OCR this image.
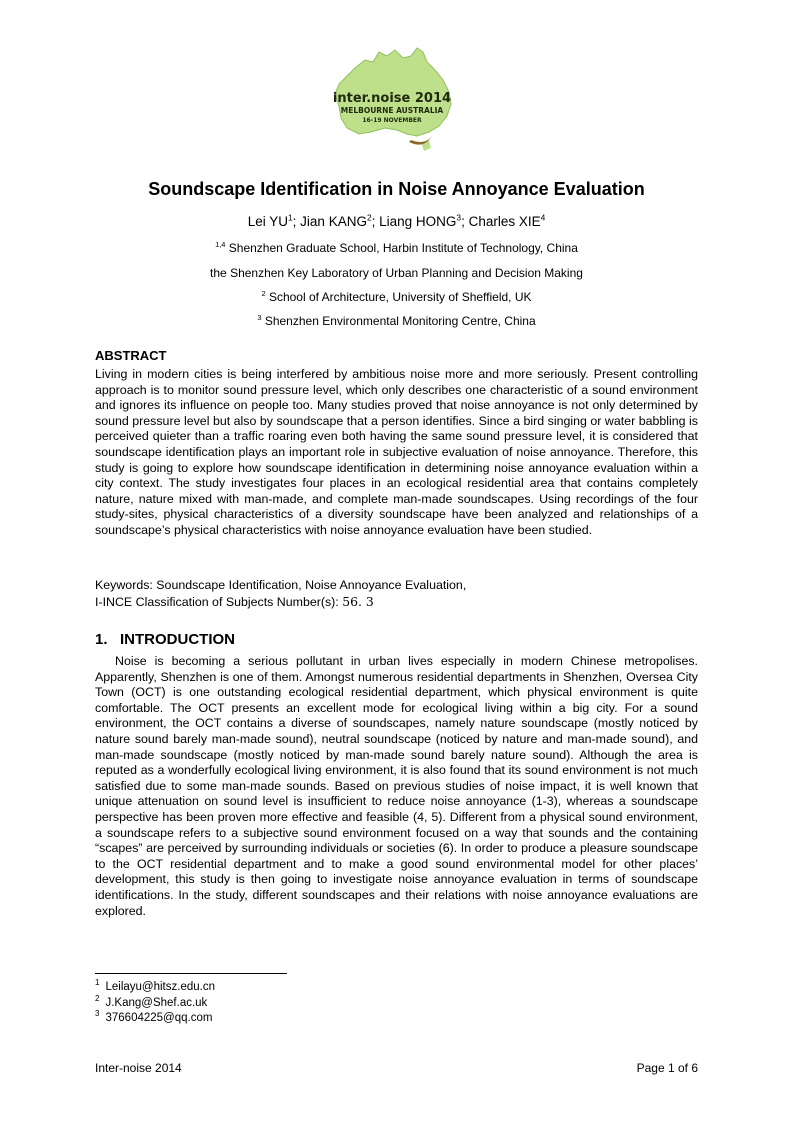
inter.noise 2014
MELBOURNE AUSTRALIA
16-19 NOVEMBER
Soundscape Identification in Noise Annoyance Evaluation
Lei $YU^1$; Jian KANG$^2$; Liang HONG$^3$; Charles XIE$^4$
$^{1,4}$ Shenzhen Graduate School, Harbin Institute of Technology, China
the Shenzhen Key Laboratory of Urban Planning and Decision Making
$^2$ School of Architecture, University of Sheffield, UK
$^3$ Shenzhen Environmental Monitoring Centre, China
ABSTRACT
Living in modern cities is being interfered by ambitious noise more and more seriously. Present controlling approach is to monitor sound pressure level, which only describes one characteristic of a sound environment and ignores its influence on people too. Many studies proved that noise annoyance is not only determined by sound pressure level but also by soundscape that a person identifies. Since a bird singing or water babbling is perceived quieter than a traffic roaring even both having the same sound pressure level, it is considered that soundscape identification plays an important role in subjective evaluation of noise annoyance. Therefore, this study is going to explore how soundscape identification in determining noise annoyance evaluation within a city context. The study investigates four places in an ecological residential area that contains completely nature, nature mixed with man-made, and complete man-made soundscapes. Using recordings of the four study-sites, physical characteristics of a diversity soundscape have been analyzed and relationships of a soundscape’s physical characteristics with noise annoyance evaluation have been studied.
Keywords: Soundscape Identification, Noise Annoyance Evaluation,
I-INCE Classification of Subjects Number(s): 56. 3
1.   INTRODUCTION
Noise is becoming a serious pollutant in urban lives especially in modern Chinese metropolises. Apparently, Shenzhen is one of them. Amongst numerous residential departments in Shenzhen, Oversea City Town (OCT) is one outstanding ecological residential department, which physical environment is quite comfortable. The OCT presents an excellent mode for ecological living within a big city. For a sound environment, the OCT contains a diverse of soundscapes, namely nature soundscape (mostly noticed by nature sound barely man-made sound), neutral soundscape (noticed by nature and man-made sound), and man-made soundscape (mostly noticed by man-made sound barely nature sound). Although the area is reputed as a wonderfully ecological living environment, it is also found that its sound environment is not much satisfied due to some man-made sounds. Based on previous studies of noise impact, it is well known that unique attenuation on sound level is insufficient to reduce noise annoyance (1-3), whereas a soundscape perspective has been proven more effective and feasible (4, 5). Different from a physical sound environment, a soundscape refers to a subjective sound environment focused on a way that sounds and the containing “scapes” are perceived by surrounding individuals or societies (6). In order to produce a pleasure soundscape to the OCT residential department and to make a good sound environmental model for other places’ development, this study is then going to investigate noise annoyance evaluation in terms of soundscape identifications. In the study, different soundscapes and their relations with noise annoyance evaluations are explored.
$^1$ Leilayu@hitsz.edu.cn
$^2$ J.Kang@Shef.ac.uk
$^3$ 376604225@qq.com
Inter-noise 2014	Page 1 of 6
